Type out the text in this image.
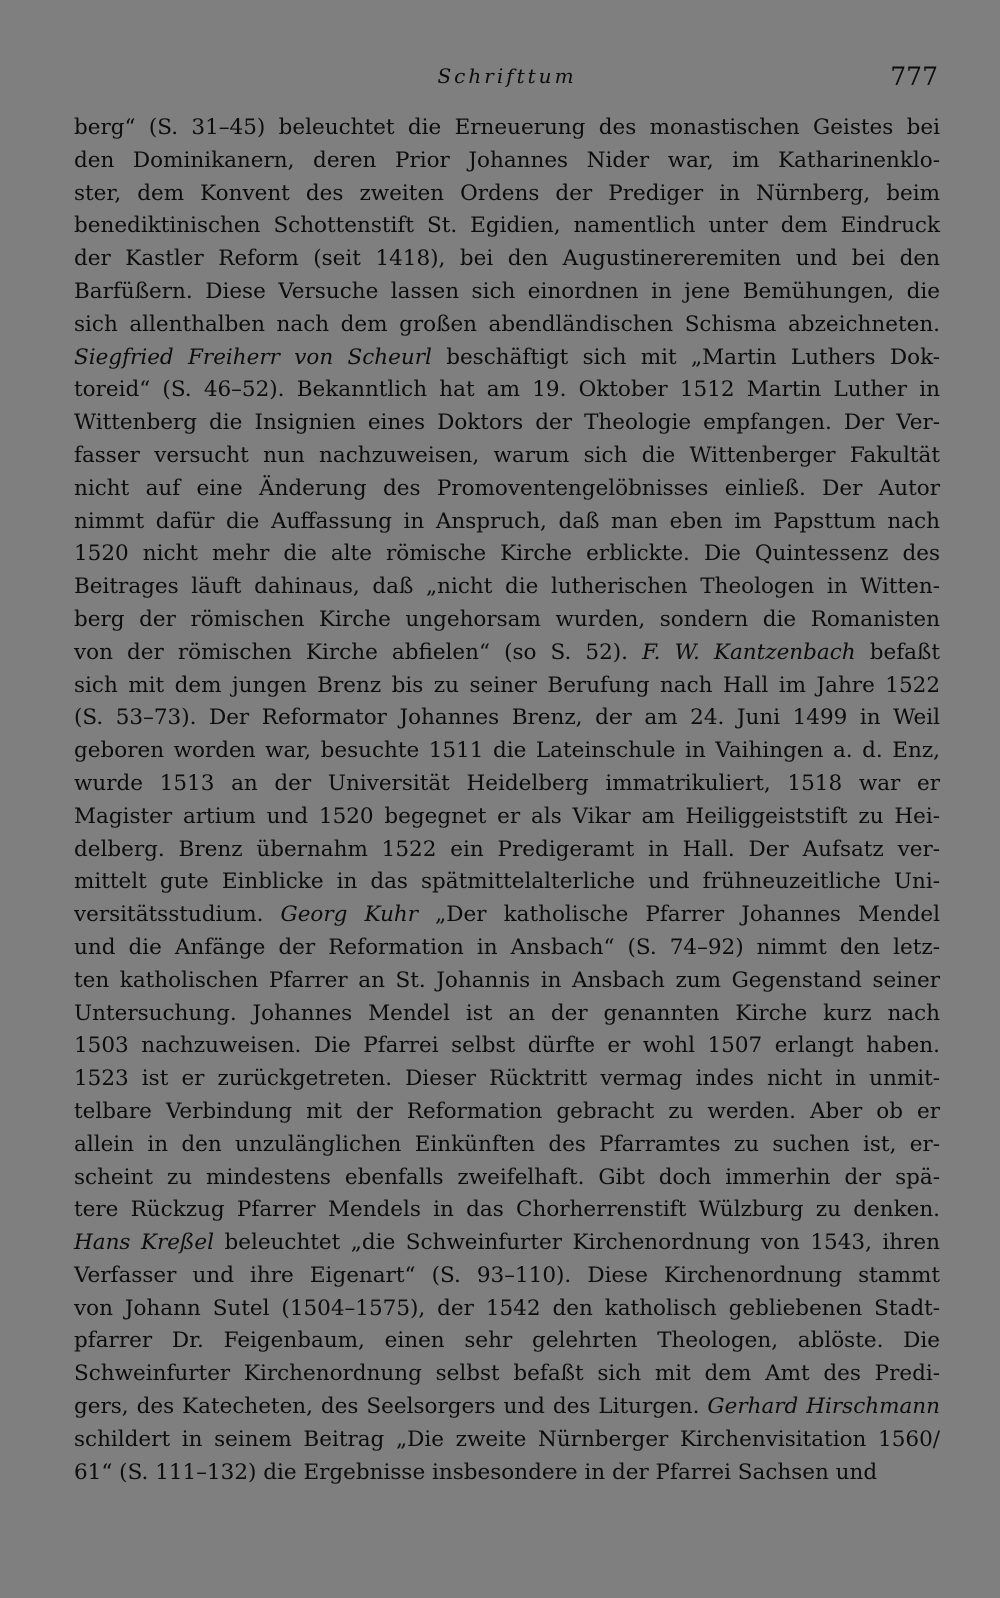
Schrifttum	777
berg“ (S. 31–45) beleuchtet die Erneuerung des monastischen Geistes bei
den Dominikanern, deren Prior Johannes Nider war, im Katharinenklo-
ster, dem Konvent des zweiten Ordens der Prediger in Nürnberg, beim
benediktinischen Schottenstift St. Egidien, namentlich unter dem Eindruck
der Kastler Reform (seit 1418), bei den Augustinereremiten und bei den
Barfüßern. Diese Versuche lassen sich einordnen in jene Bemühungen, die
sich allenthalben nach dem großen abendländischen Schisma abzeichneten.
Siegfried Freiherr von Scheurl beschäftigt sich mit „Martin Luthers Dok-
toreid“ (S. 46–52). Bekanntlich hat am 19. Oktober 1512 Martin Luther in
Wittenberg die Insignien eines Doktors der Theologie empfangen. Der Ver-
fasser versucht nun nachzuweisen, warum sich die Wittenberger Fakultät
nicht auf eine Änderung des Promoventengelöbnisses einließ. Der Autor
nimmt dafür die Auffassung in Anspruch, daß man eben im Papsttum nach
1520 nicht mehr die alte römische Kirche erblickte. Die Quintessenz des
Beitrages läuft dahinaus, daß „nicht die lutherischen Theologen in Witten-
berg der römischen Kirche ungehorsam wurden, sondern die Romanisten
von der römischen Kirche abfielen“ (so S. 52). F. W. Kantzenbach befaßt
sich mit dem jungen Brenz bis zu seiner Berufung nach Hall im Jahre 1522
(S. 53–73). Der Reformator Johannes Brenz, der am 24. Juni 1499 in Weil
geboren worden war, besuchte 1511 die Lateinschule in Vaihingen a. d. Enz,
wurde 1513 an der Universität Heidelberg immatrikuliert, 1518 war er
Magister artium und 1520 begegnet er als Vikar am Heiliggeiststift zu Hei-
delberg. Brenz übernahm 1522 ein Predigeramt in Hall. Der Aufsatz ver-
mittelt gute Einblicke in das spätmittelalterliche und frühneuzeitliche Uni-
versitätsstudium. Georg Kuhr „Der katholische Pfarrer Johannes Mendel
und die Anfänge der Reformation in Ansbach“ (S. 74–92) nimmt den letz-
ten katholischen Pfarrer an St. Johannis in Ansbach zum Gegenstand seiner
Untersuchung. Johannes Mendel ist an der genannten Kirche kurz nach
1503 nachzuweisen. Die Pfarrei selbst dürfte er wohl 1507 erlangt haben.
1523 ist er zurückgetreten. Dieser Rücktritt vermag indes nicht in unmit-
telbare Verbindung mit der Reformation gebracht zu werden. Aber ob er
allein in den unzulänglichen Einkünften des Pfarramtes zu suchen ist, er-
scheint zu mindestens ebenfalls zweifelhaft. Gibt doch immerhin der spä-
tere Rückzug Pfarrer Mendels in das Chorherrenstift Wülzburg zu denken.
Hans Kreßel beleuchtet „die Schweinfurter Kirchenordnung von 1543, ihren
Verfasser und ihre Eigenart“ (S. 93–110). Diese Kirchenordnung stammt
von Johann Sutel (1504–1575), der 1542 den katholisch gebliebenen Stadt-
pfarrer Dr. Feigenbaum, einen sehr gelehrten Theologen, ablöste. Die
Schweinfurter Kirchenordnung selbst befaßt sich mit dem Amt des Predi-
gers, des Katecheten, des Seelsorgers und des Liturgen. Gerhard Hirschmann
schildert in seinem Beitrag „Die zweite Nürnberger Kirchenvisitation 1560/
61“ (S. 111–132) die Ergebnisse insbesondere in der Pfarrei Sachsen und
